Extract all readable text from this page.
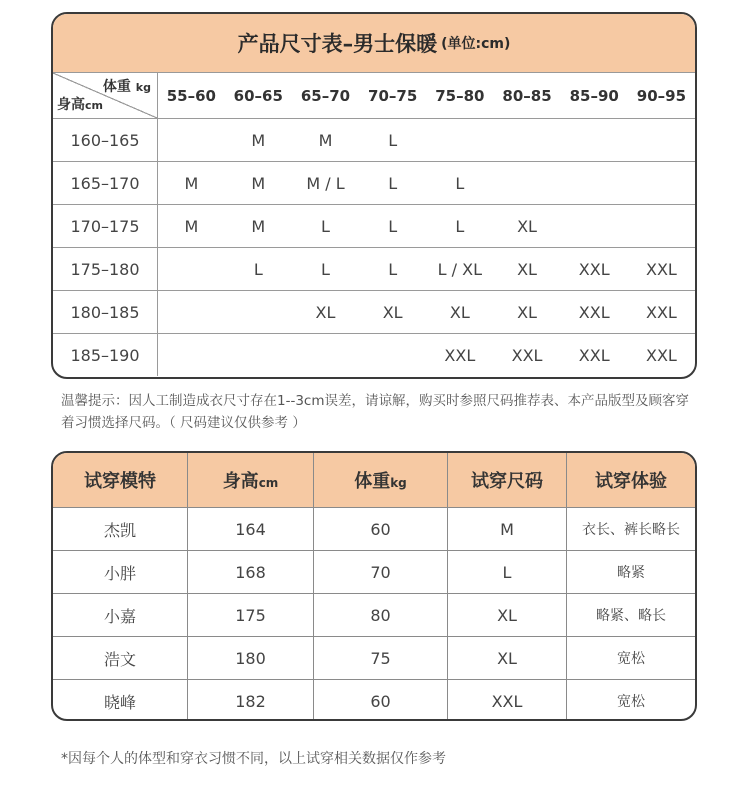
产品尺寸表–男士保暖 (单位:cm)
体重 kg
身高cm	55–60	60–65	65–70	70–75	75–80	80–85	85–90	90–95
160–165		M	M	L				
165–170	M	M	M / L	L	L			
170–175	M	M	L	L	L	XL		
175–180		L	L	L	L / XL	XL	XXL	XXL
180–185			XL	XL	XL	XL	XXL	XXL
185–190					XXL	XXL	XXL	XXL
温馨提示：因人工制造成衣尺寸存在1--3cm误差，请谅解，购买时参照尺码推荐表、本产品版型及顾客穿着习惯选择尺码。（ 尺码建议仅供参考 ）
试穿模特	身高cm	体重kg	试穿尺码	试穿体验
杰凯	164	60	M	衣长、裤长略长
小胖	168	70	L	略紧
小嘉	175	80	XL	略紧、略长
浩文	180	75	XL	宽松
晓峰	182	60	XXL	宽松
*因每个人的体型和穿衣习惯不同，以上试穿相关数据仅作参考
